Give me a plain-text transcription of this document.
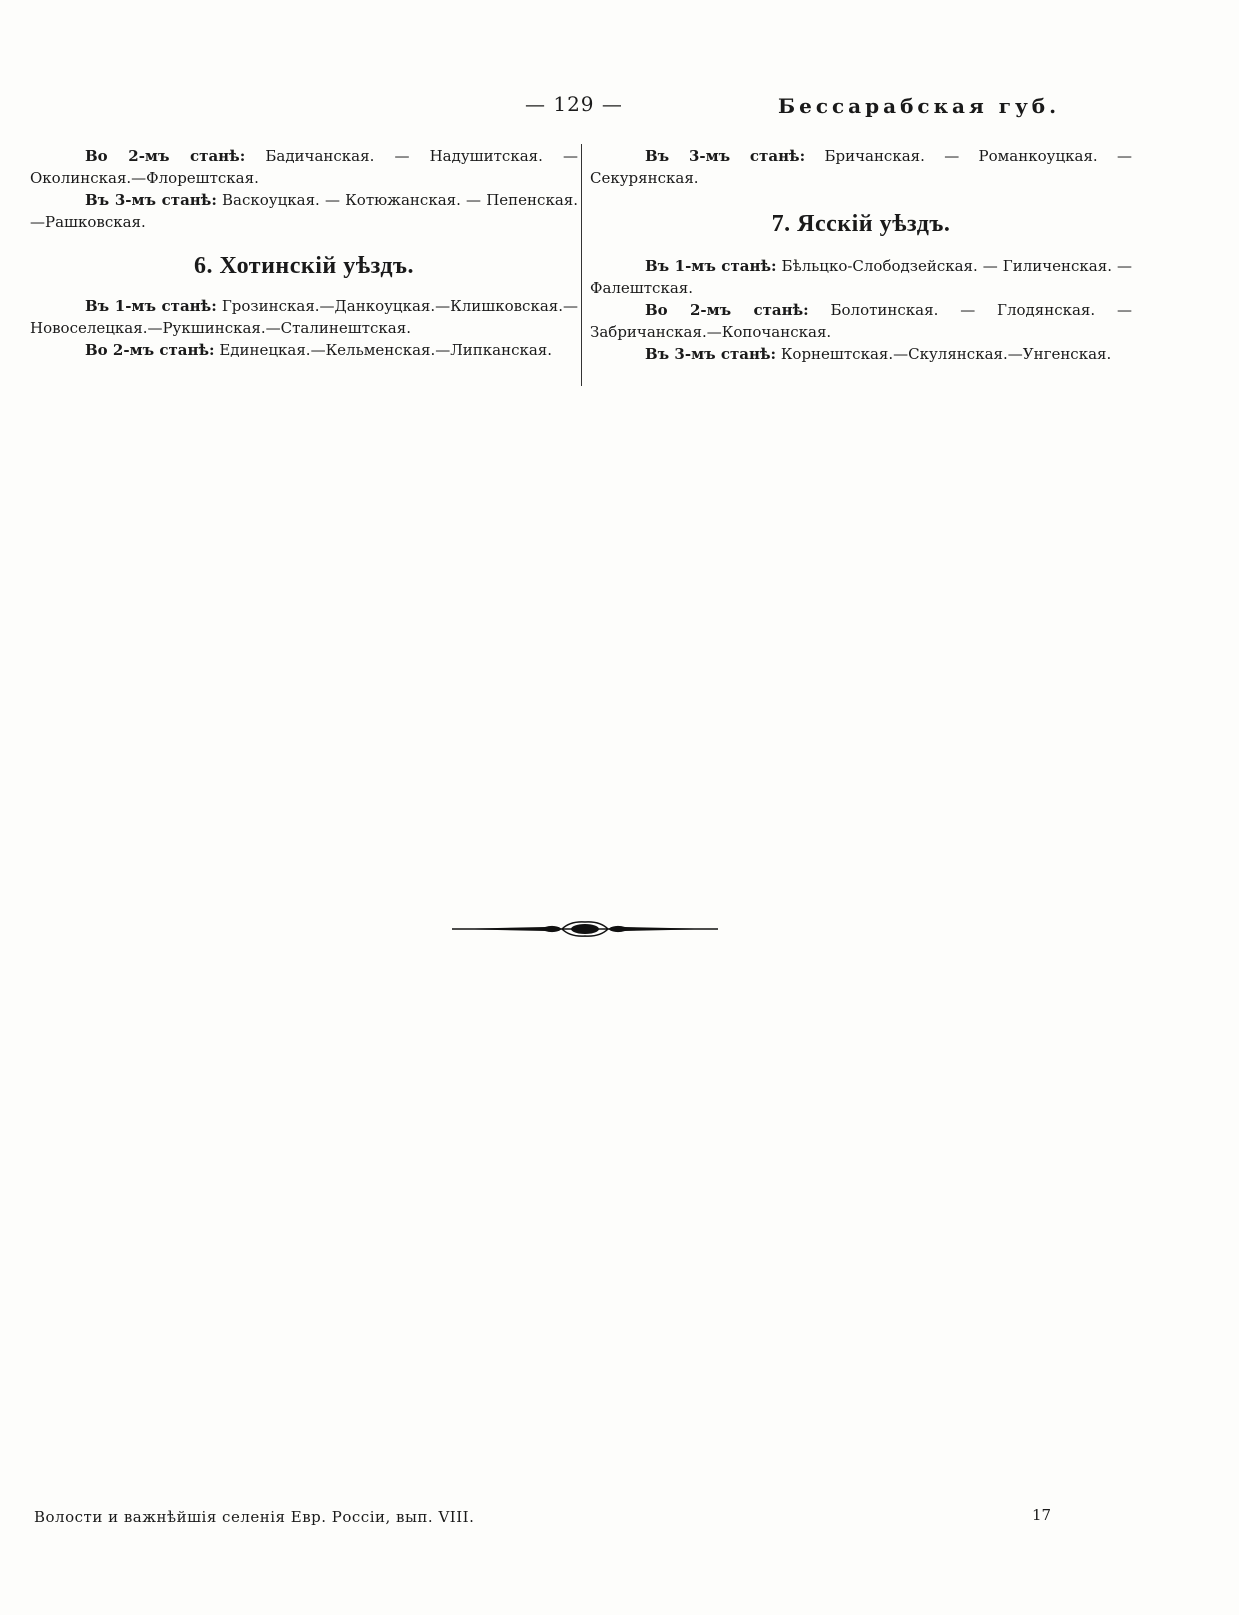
— 129 —	Бессарабская губ.

Во 2-мъ станѣ: Бадичанская. — Надушитская. — Околинская.—Флорештская.

Въ 3-мъ станѣ: Васкоуцкая. — Котюжанская. — Пепенская.—Рашковская.

6. Хотинскій уѣздъ.

Въ 1-мъ станѣ: Грозинская.—Данкоуцкая.—Клишковская.—Новоселецкая.—Рукшинская.—Сталинештская.

Во 2-мъ станѣ: Единецкая.—Кельменская.—Липканская.

Въ 3-мъ станѣ: Бричанская. — Романкоуцкая. — Секурянская.

7. Ясскій уѣздъ.

Въ 1-мъ станѣ: Бѣльцко-Слободзейская. — Гиличенская. — Фалештская.

Во 2-мъ станѣ: Болотинская. — Глодянская. — Забричанская.—Копочанская.

Въ 3-мъ станѣ: Корнештская.—Скулянская.—Унгенская.

Волости и важнѣйшія селенія Евр. Россіи, вып. VIII.	17
